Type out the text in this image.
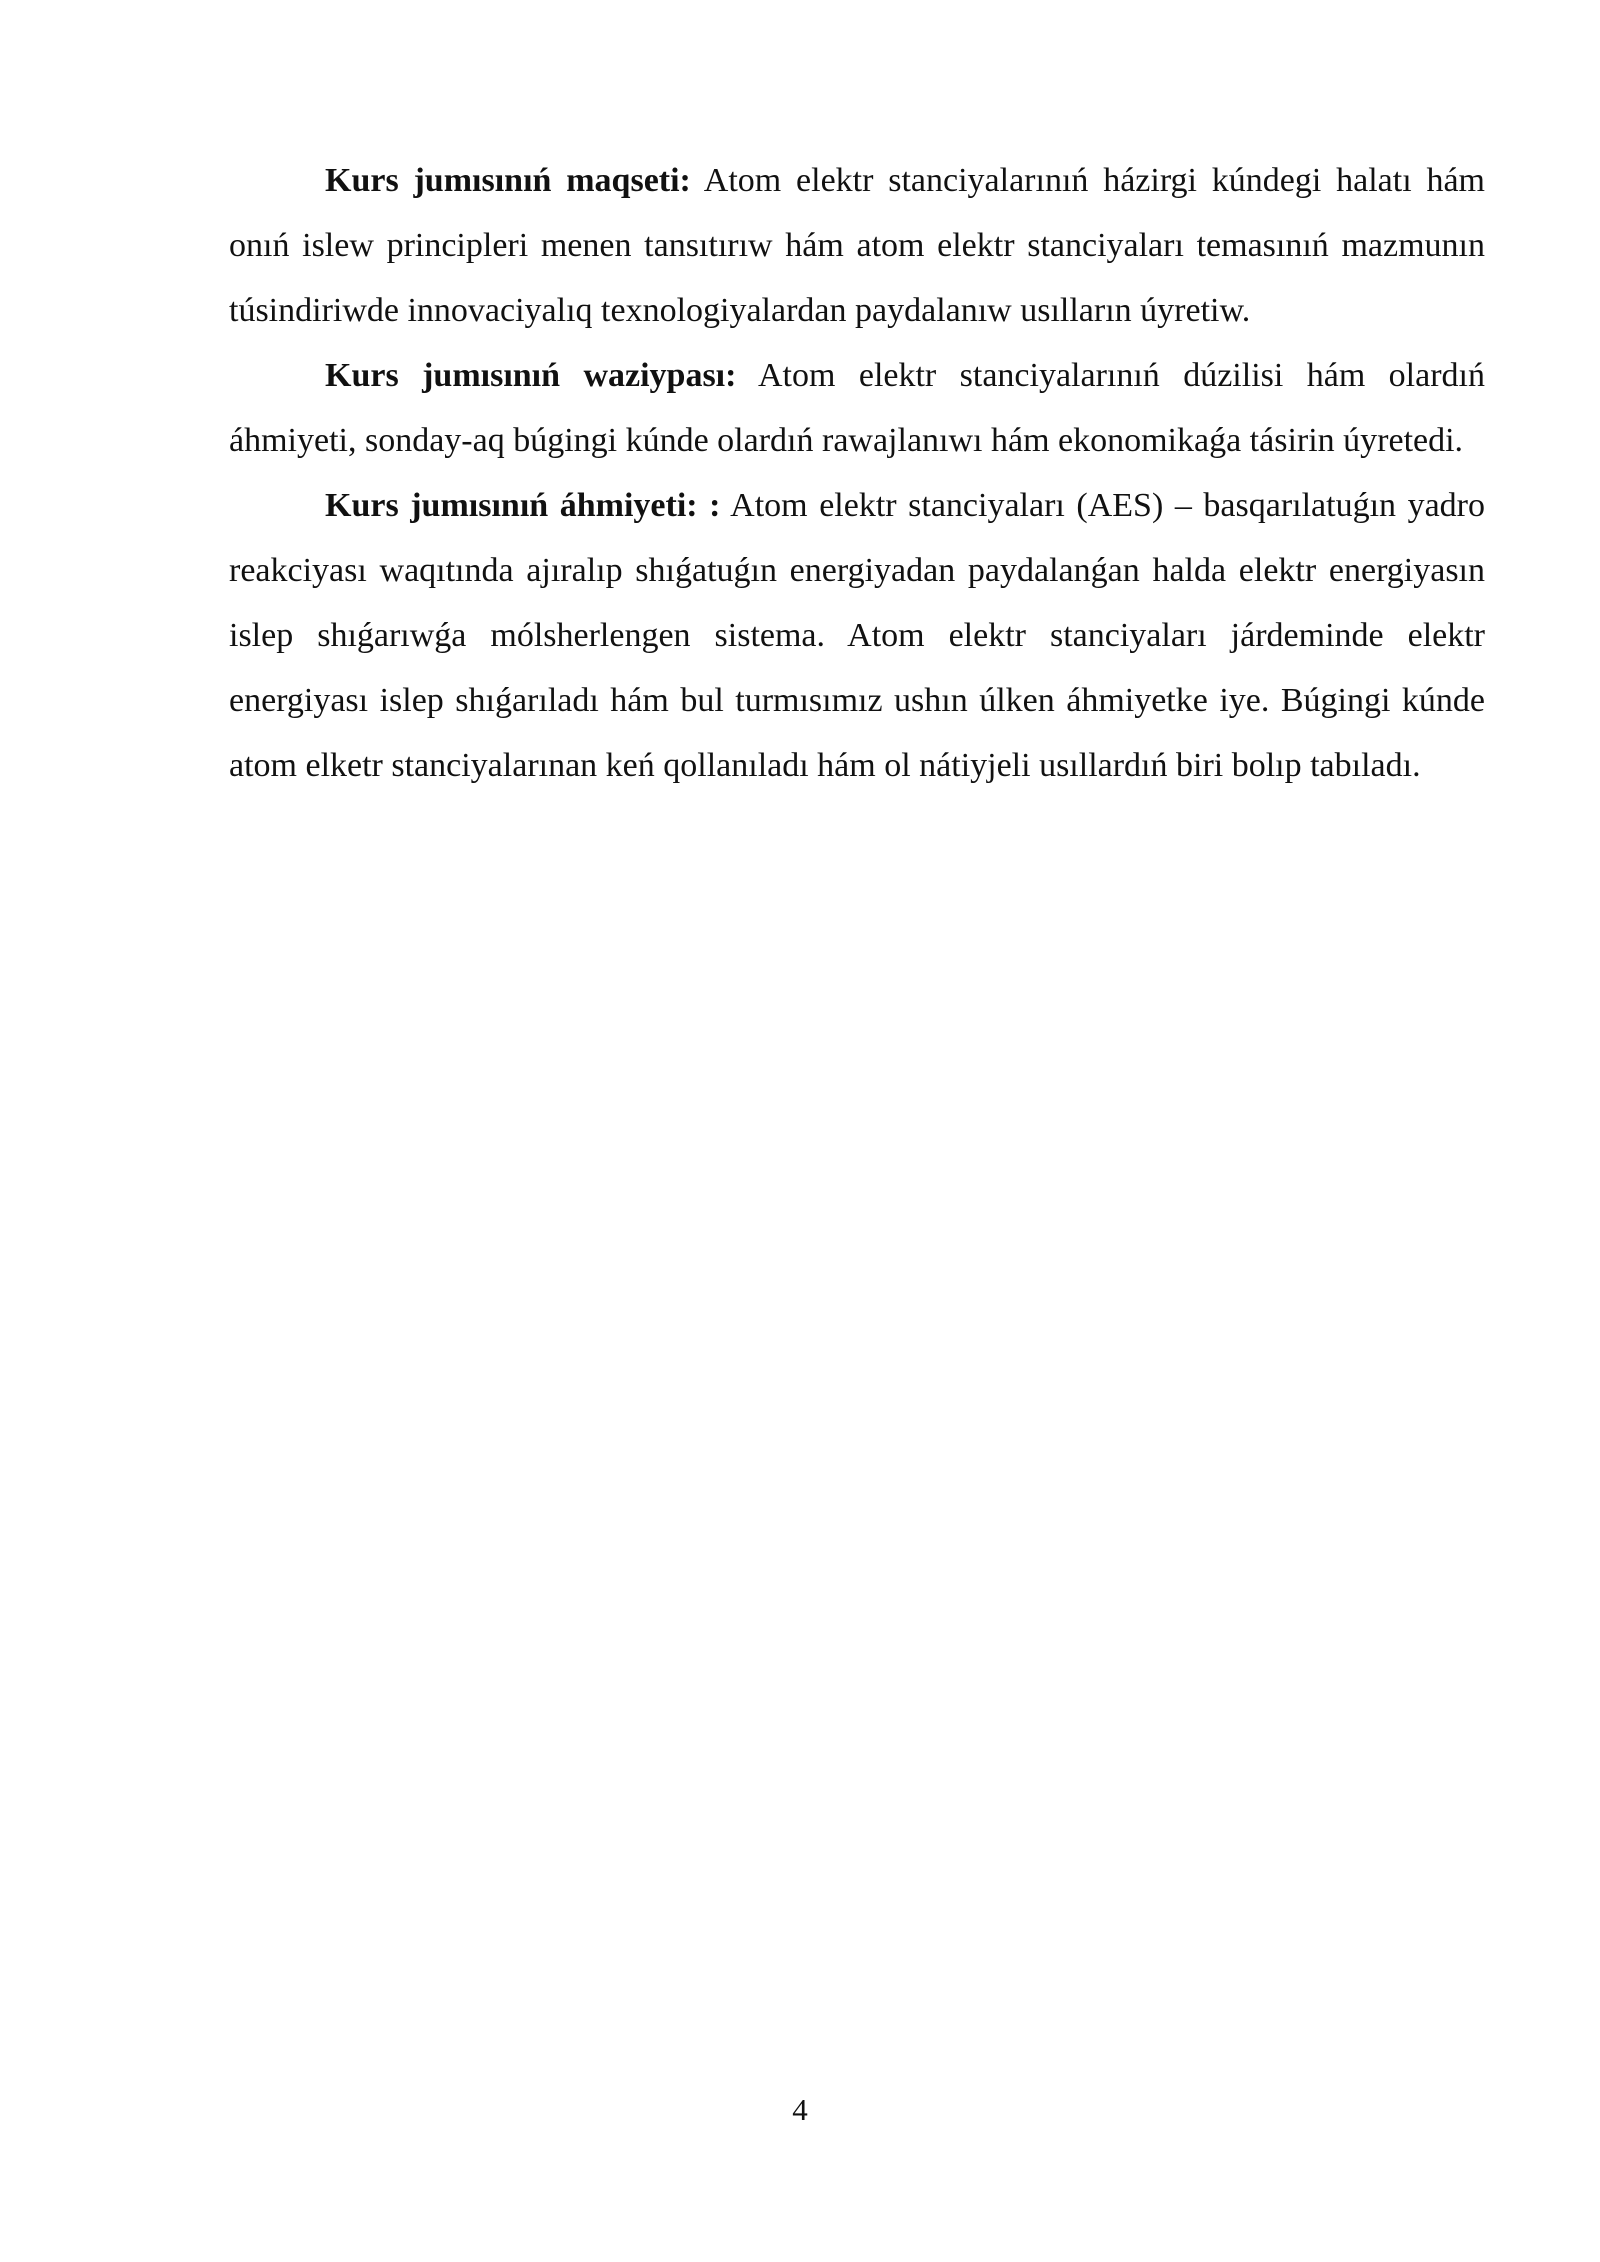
Kurs jumısınıń maqseti: Atom elektr stanciyalarınıń házirgi kúndegi halatı hám onıń islew principleri menen tansıtırıw hám atom elektr stanciyaları temasınıń mazmunın túsindiriwde innovaciyalıq texnologiyalardan paydalanıw usılların úyretiw.

Kurs jumısınıń waziypası: Atom elektr stanciyalarınıń dúzilisi hám olardıń áhmiyeti, sonday-aq búgingi kúnde olardıń rawajlanıwı hám ekonomikaǵa tásirin úyretedi.

Kurs jumısınıń áhmiyeti: : Atom elektr stanciyaları (AES) – basqarılatuǵın yadro reakciyası waqıtında ajıralıp shıǵatuǵın energiyadan paydalanǵan halda elektr energiyasın islep shıǵarıwǵa mólsherlengen sistema. Atom elektr stanciyaları járdeminde elektr energiyası islep shıǵarıladı hám bul turmısımız ushın úlken áhmiyetke iye. Búgingi kúnde atom elketr stanciyalarınan keń qollanıladı hám ol nátiyjeli usıllardıń biri bolıp tabıladı.

4
